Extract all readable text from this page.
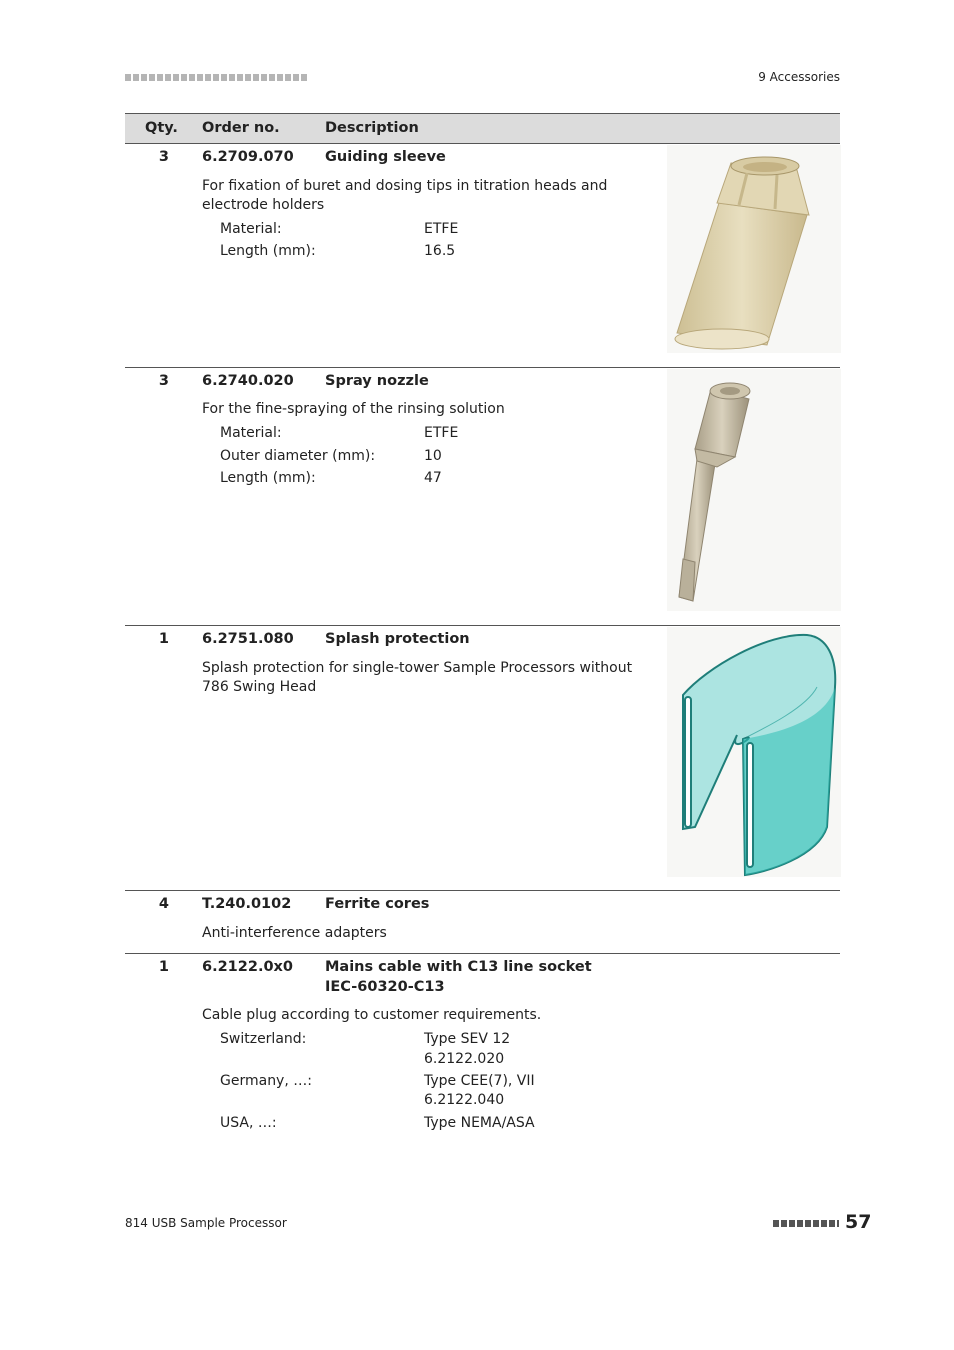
9 Accessories
Qty. Order no.	Description
3 6.2709.070 Guiding sleeve
For fixation of buret and dosing tips in titration heads and electrode holders
Material:	ETFE
Length (mm):	16.5
3 6.2740.020 Spray nozzle
For the fine-spraying of the rinsing solution
Material:	ETFE
Outer diameter (mm):	10
Length (mm):	47
1 6.2751.080 Splash protection
Splash protection for single-tower Sample Processors without 786 Swing Head
4 T.240.0102 Ferrite cores
Anti-interference adapters
1 6.2122.0x0 Mains cable with C13 line socket
IEC-60320-C13
Cable plug according to customer requirements.
Switzerland:	Type SEV 12
6.2122.020
Germany, …:	Type CEE(7), VII
6.2122.040
USA, …:	Type NEMA/ASA
814 USB Sample Processor	57
